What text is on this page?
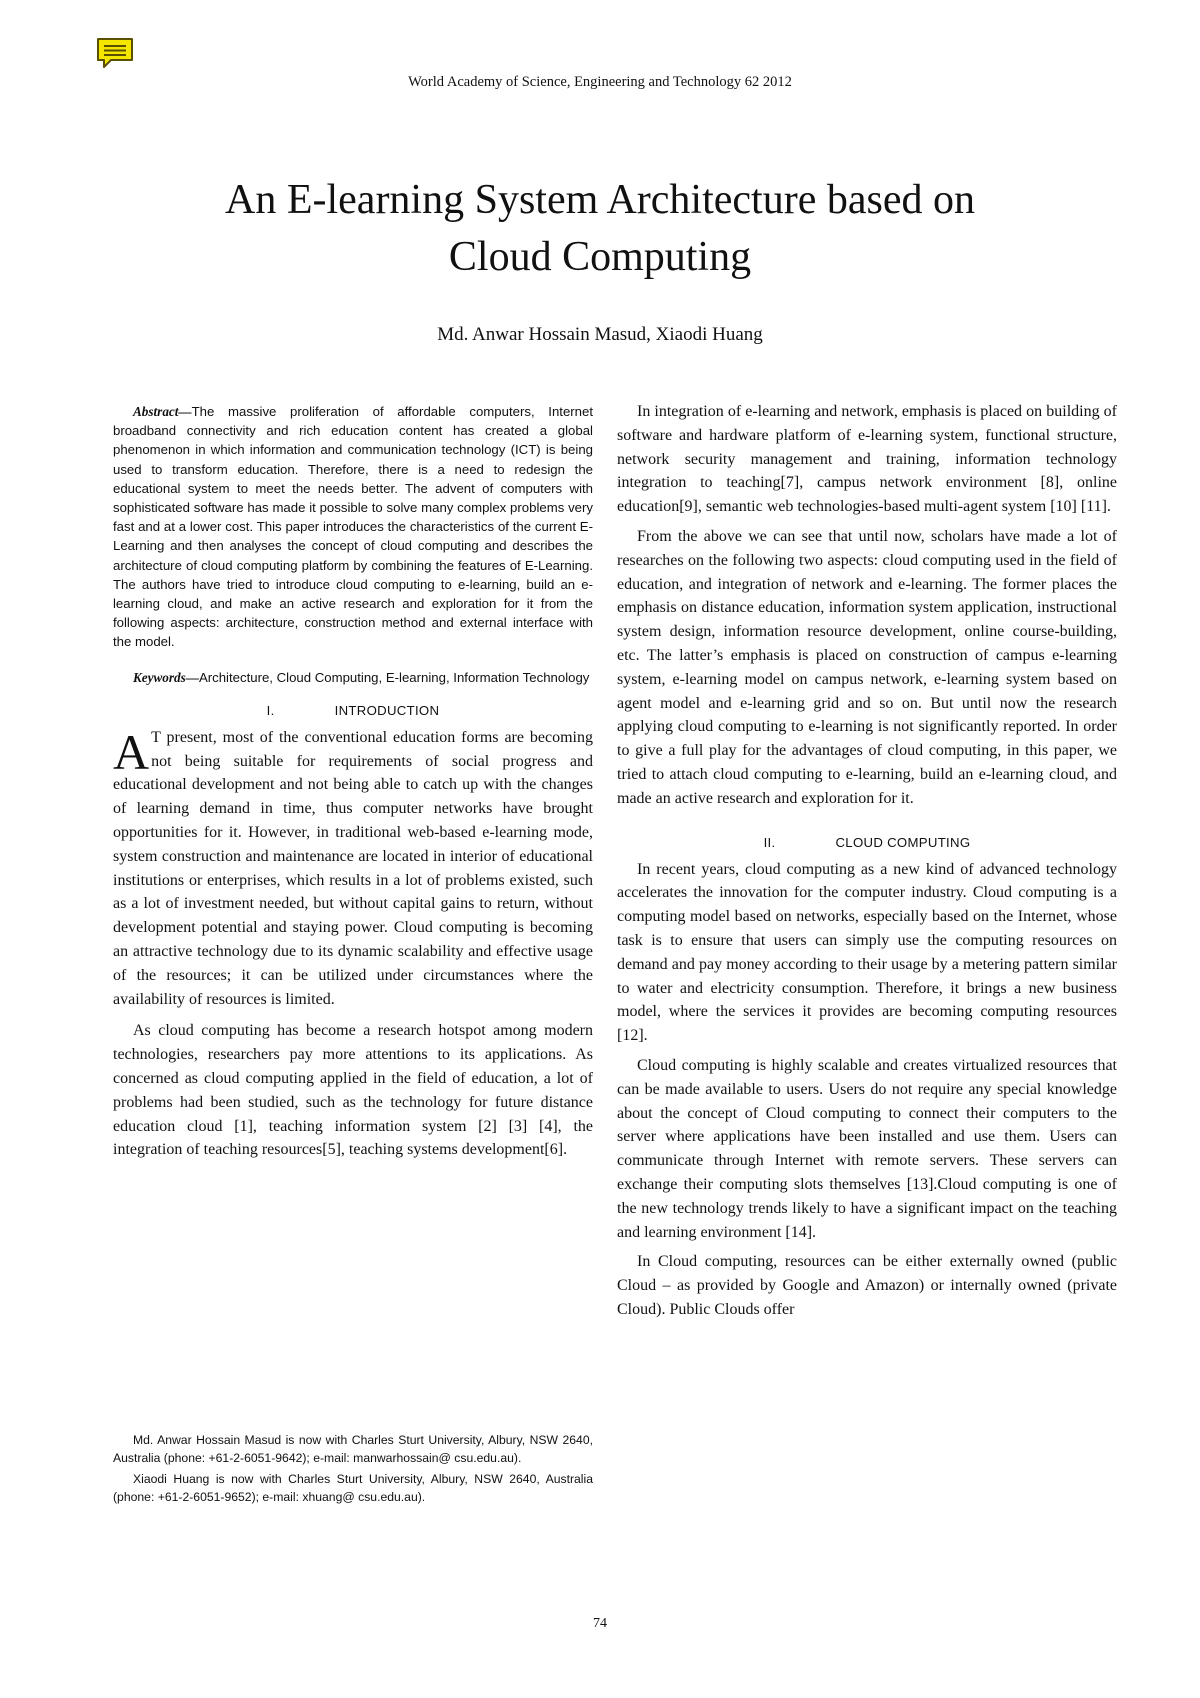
World Academy of Science, Engineering and Technology 62 2012
An E-learning System Architecture based on
Cloud Computing
Md. Anwar Hossain Masud, Xiaodi Huang

Abstract—The massive proliferation of affordable computers, Internet broadband connectivity and rich education content has created a global phenomenon in which information and communication technology (ICT) is being used to transform education. Therefore, there is a need to redesign the educational system to meet the needs better. The advent of computers with sophisticated software has made it possible to solve many complex problems very fast and at a lower cost. This paper introduces the characteristics of the current E-Learning and then analyses the concept of cloud computing and describes the architecture of cloud computing platform by combining the features of E-Learning. The authors have tried to introduce cloud computing to e-learning, build an e-learning cloud, and make an active research and exploration for it from the following aspects: architecture, construction method and external interface with the model.

Keywords—Architecture, Cloud Computing, E-learning, Information Technology

I.	INTRODUCTION

A T present, most of the conventional education forms are becoming not being suitable for requirements of social progress and educational development and not being able to catch up with the changes of learning demand in time, thus computer networks have brought opportunities for it. However, in traditional web-based e-learning mode, system construction and maintenance are located in interior of educational institutions or enterprises, which results in a lot of problems existed, such as a lot of investment needed, but without capital gains to return, without development potential and staying power. Cloud computing is becoming an attractive technology due to its dynamic scalability and effective usage of the resources; it can be utilized under circumstances where the availability of resources is limited.

As cloud computing has become a research hotspot among modern technologies, researchers pay more attentions to its applications. As concerned as cloud computing applied in the field of education, a lot of problems had been studied, such as the technology for future distance education cloud [1], teaching information system [2] [3] [4], the integration of teaching resources[5], teaching systems development[6].

In integration of e-learning and network, emphasis is placed on building of software and hardware platform of e-learning system, functional structure, network security management and training, information technology integration to teaching[7], campus network environment [8], online education[9], semantic web technologies-based multi-agent system [10] [11].

From the above we can see that until now, scholars have made a lot of researches on the following two aspects: cloud computing used in the field of education, and integration of network and e-learning. The former places the emphasis on distance education, information system application, instructional system design, information resource development, online course-building, etc. The latter’s emphasis is placed on construction of campus e-learning system, e-learning model on campus network, e-learning system based on agent model and e-learning grid and so on. But until now the research applying cloud computing to e-learning is not significantly reported. In order to give a full play for the advantages of cloud computing, in this paper, we tried to attach cloud computing to e-learning, build an e-learning cloud, and made an active research and exploration for it.

II.	CLOUD COMPUTING

In recent years, cloud computing as a new kind of advanced technology accelerates the innovation for the computer industry. Cloud computing is a computing model based on networks, especially based on the Internet, whose task is to ensure that users can simply use the computing resources on demand and pay money according to their usage by a metering pattern similar to water and electricity consumption. Therefore, it brings a new business model, where the services it provides are becoming computing resources [12].

Cloud computing is highly scalable and creates virtualized resources that can be made available to users. Users do not require any special knowledge about the concept of Cloud computing to connect their computers to the server where applications have been installed and use them. Users can communicate through Internet with remote servers. These servers can exchange their computing slots themselves [13].Cloud computing is one of the new technology trends likely to have a significant impact on the teaching and learning environment [14].

In Cloud computing, resources can be either externally owned (public Cloud – as provided by Google and Amazon) or internally owned (private Cloud). Public Clouds offer

Md. Anwar Hossain Masud is now with Charles Sturt University, Albury, NSW 2640, Australia (phone: +61-2-6051-9642); e-mail: manwarhossain@ csu.edu.au).

Xiaodi Huang is now with Charles Sturt University, Albury, NSW 2640, Australia (phone: +61-2-6051-9652); e-mail: xhuang@ csu.edu.au).

74
